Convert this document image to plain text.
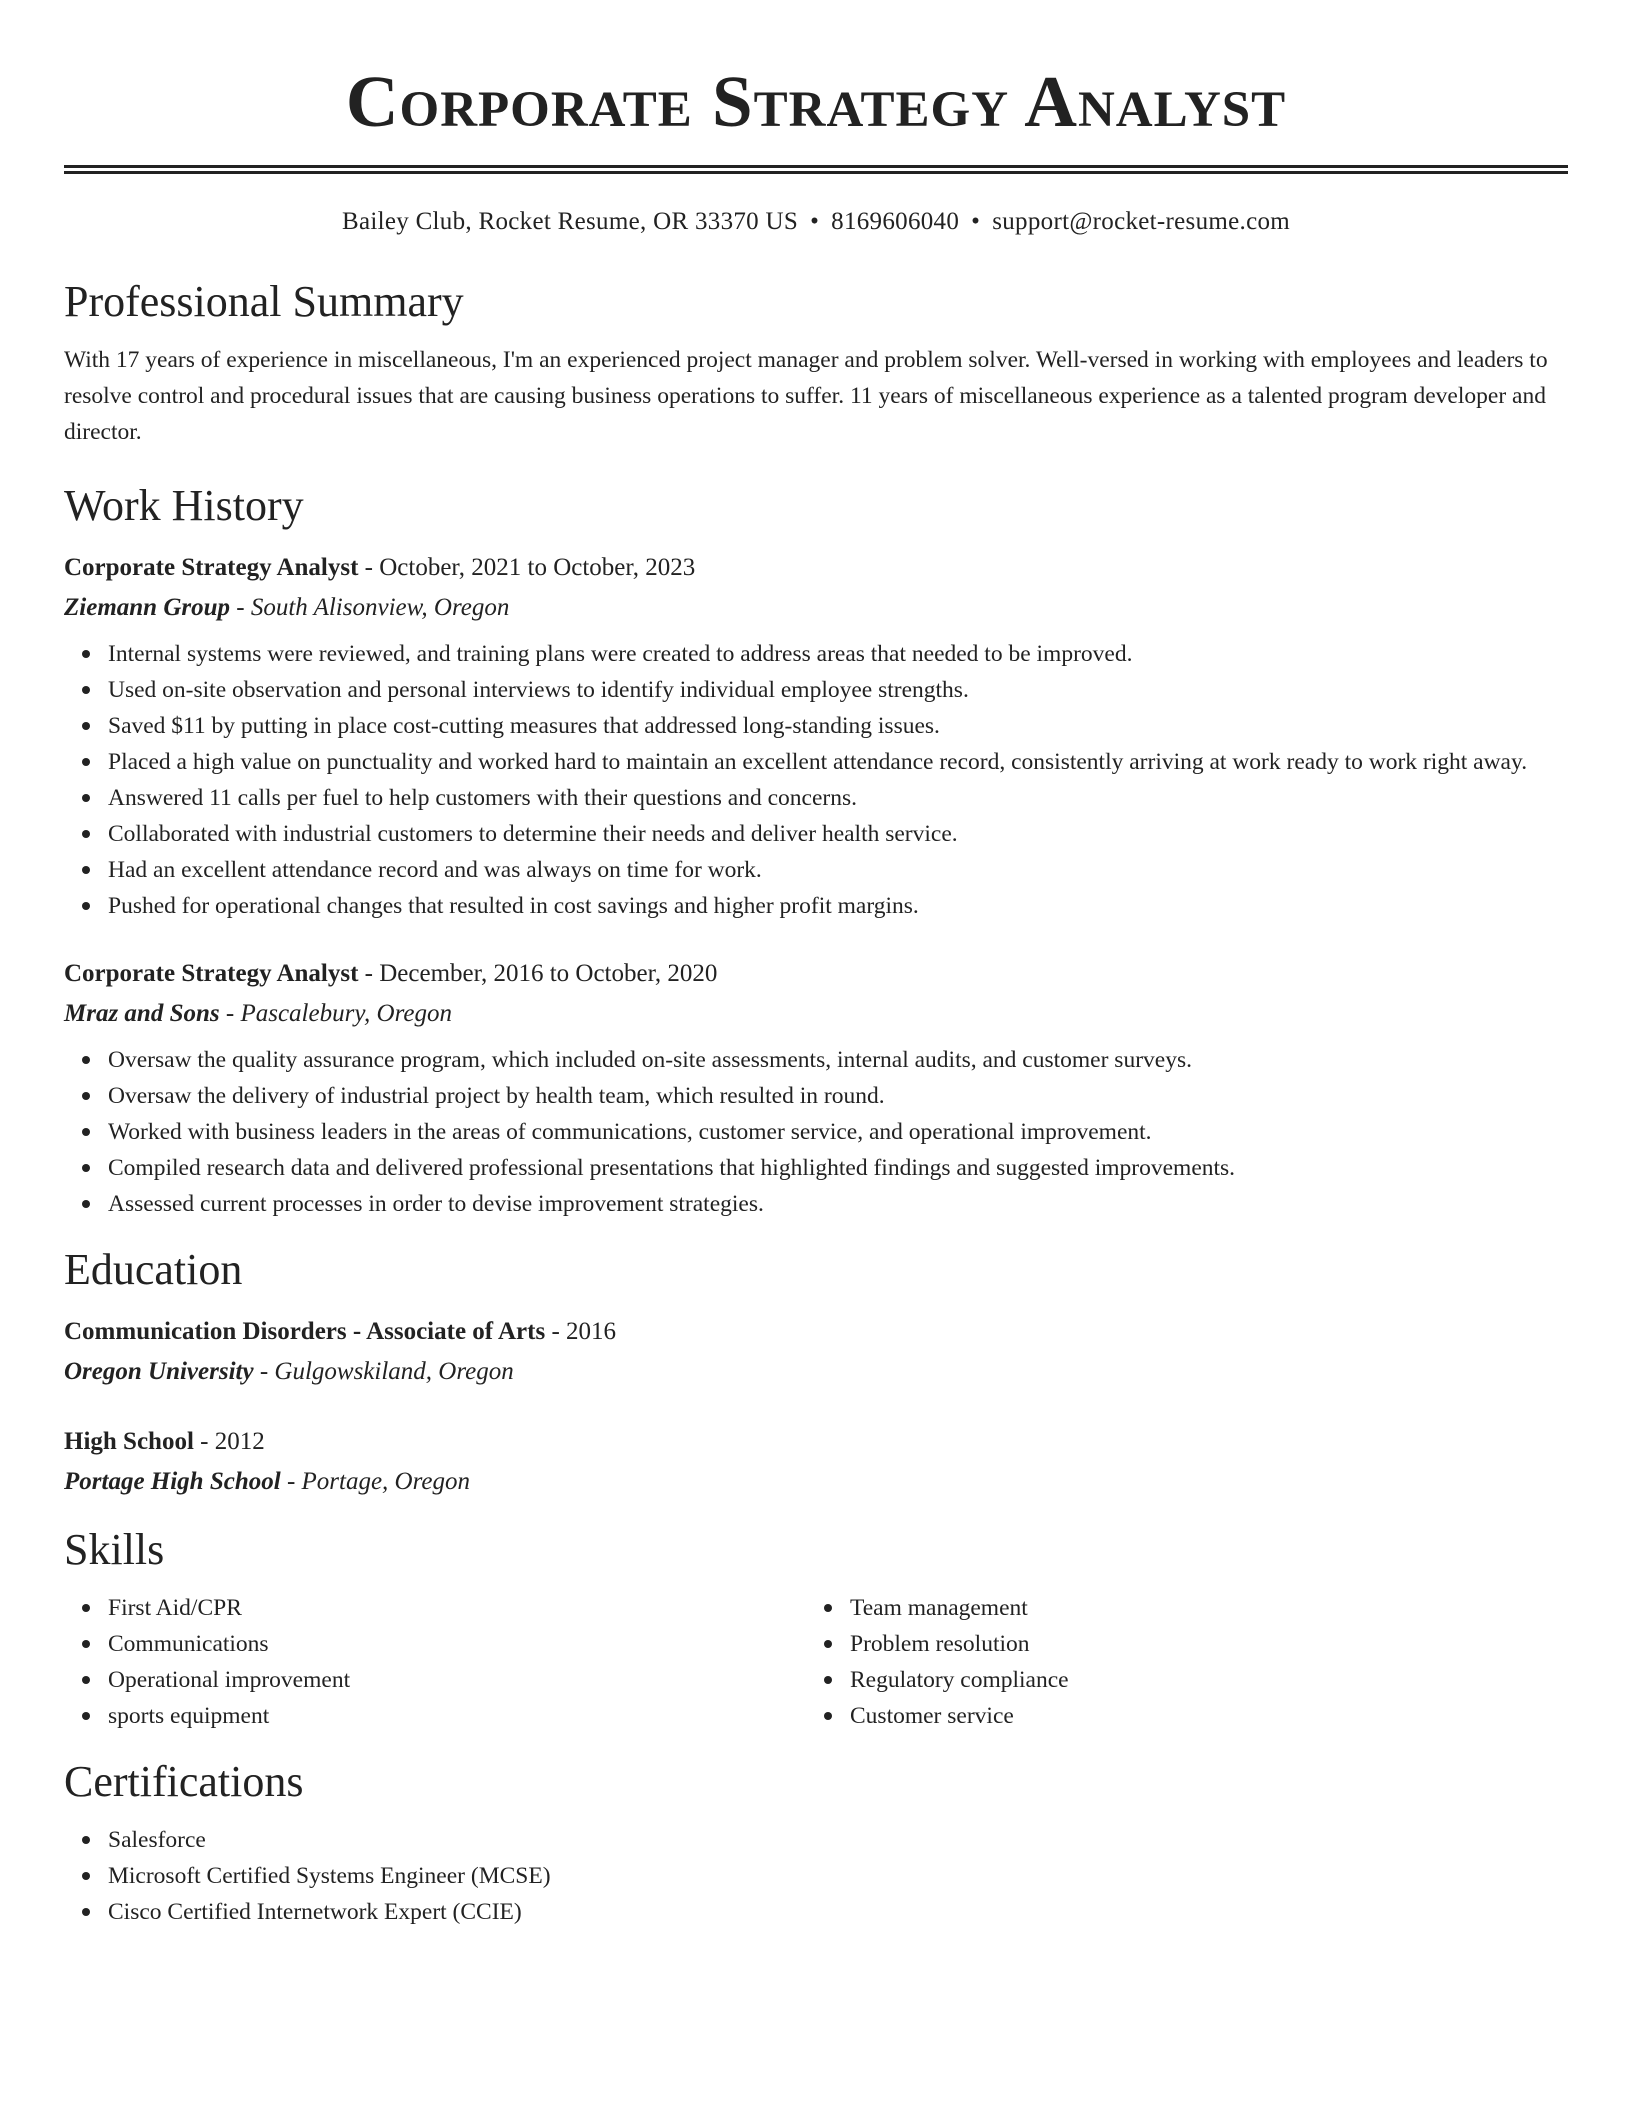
Corporate Strategy Analyst
Bailey Club, Rocket Resume, OR 33370 US • 8169606040 • support@rocket-resume.com
Professional Summary

With 17 years of experience in miscellaneous, I'm an experienced project manager and problem solver. Well-versed in working with employees and leaders to resolve control and procedural issues that are causing business operations to suffer. 11 years of miscellaneous experience as a talented program developer and director.

Work History
Corporate Strategy Analyst - October, 2021 to October, 2023
Ziemann Group - South Alisonview, Oregon
Internal systems were reviewed, and training plans were created to address areas that needed to be improved.
Used on-site observation and personal interviews to identify individual employee strengths.
Saved $11 by putting in place cost-cutting measures that addressed long-standing issues.
Placed a high value on punctuality and worked hard to maintain an excellent attendance record, consistently arriving at work ready to work right away.
Answered 11 calls per fuel to help customers with their questions and concerns.
Collaborated with industrial customers to determine their needs and deliver health service.
Had an excellent attendance record and was always on time for work.
Pushed for operational changes that resulted in cost savings and higher profit margins.
Corporate Strategy Analyst - December, 2016 to October, 2020
Mraz and Sons - Pascalebury, Oregon
Oversaw the quality assurance program, which included on-site assessments, internal audits, and customer surveys.
Oversaw the delivery of industrial project by health team, which resulted in round.
Worked with business leaders in the areas of communications, customer service, and operational improvement.
Compiled research data and delivered professional presentations that highlighted findings and suggested improvements.
Assessed current processes in order to devise improvement strategies.
Education
Communication Disorders - Associate of Arts - 2016
Oregon University - Gulgowskiland, Oregon
High School - 2012
Portage High School - Portage, Oregon
Skills
First Aid/CPR
Communications
Operational improvement
sports equipment
Team management
Problem resolution
Regulatory compliance
Customer service
Certifications
Salesforce
Microsoft Certified Systems Engineer (MCSE)
Cisco Certified Internetwork Expert (CCIE)
